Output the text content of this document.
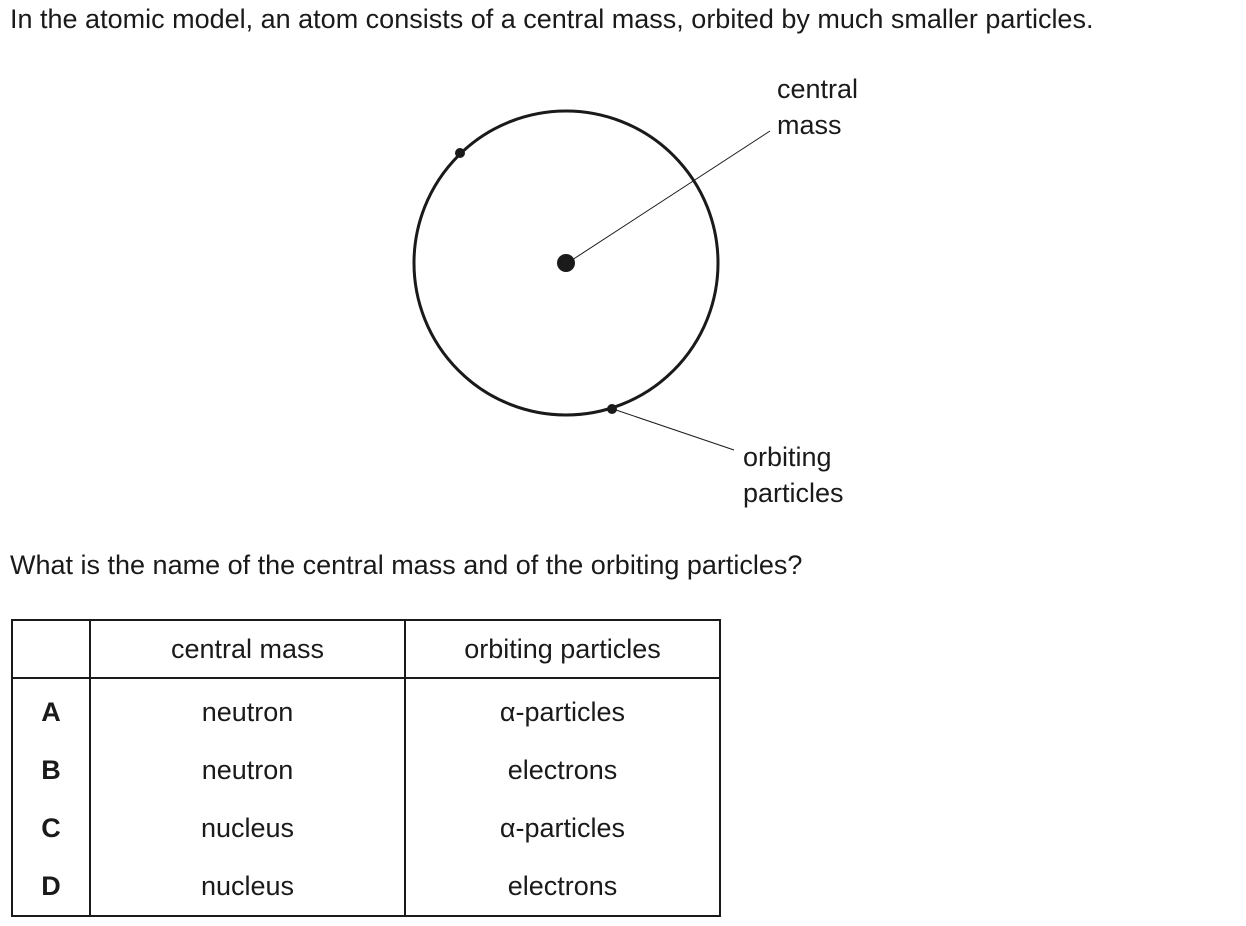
In the atomic model, an atom consists of a central mass, orbited by much smaller particles.

central
mass
orbiting
particles

What is the name of the central mass and of the orbiting particles?

	central mass	orbiting particles
A	neutron	α-particles
B	neutron	electrons
C	nucleus	α-particles
D	nucleus	electrons
